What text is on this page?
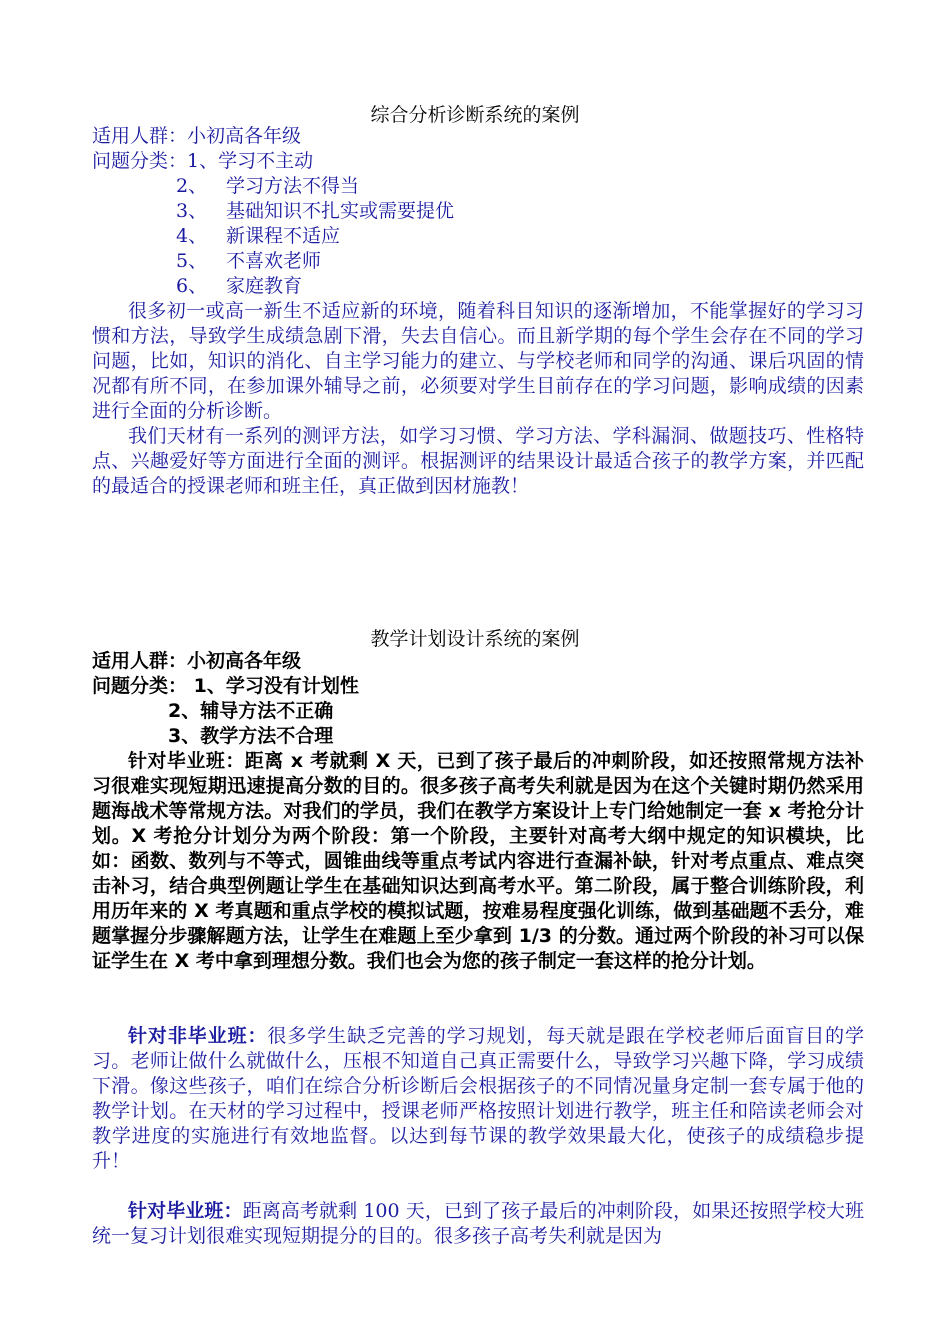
综合分析诊断系统的案例
适用人群：小初高各年级
问题分类：1、学习不主动
2、 学习方法不得当
3、 基础知识不扎实或需要提优
4、 新课程不适应
5、 不喜欢老师
6、 家庭教育

很多初一或高一新生不适应新的环境，随着科目知识的逐渐增加，不能掌握好的学习习惯和方法，导致学生成绩急剧下滑，失去自信心。而且新学期的每个学生会存在不同的学习问题，比如，知识的消化、自主学习能力的建立、与学校老师和同学的沟通、课后巩固的情况都有所不同，在参加课外辅导之前，必须要对学生目前存在的学习问题，影响成绩的因素进行全面的分析诊断。

我们天材有一系列的测评方法，如学习习惯、学习方法、学科漏洞、做题技巧、性格特点、兴趣爱好等方面进行全面的测评。根据测评的结果设计最适合孩子的教学方案，并匹配的最适合的授课老师和班主任，真正做到因材施教！

教学计划设计系统的案例
适用人群：小初高各年级
问题分类： 1、学习没有计划性
2、辅导方法不正确
3、教学方法不合理

针对毕业班：距离 x 考就剩 X 天，已到了孩子最后的冲刺阶段，如还按照常规方法补习很难实现短期迅速提高分数的目的。很多孩子高考失利就是因为在这个关键时期仍然采用题海战术等常规方法。对我们的学员，我们在教学方案设计上专门给她制定一套 x 考抢分计划。X 考抢分计划分为两个阶段：第一个阶段，主要针对高考大纲中规定的知识模块，比如：函数、数列与不等式，圆锥曲线等重点考试内容进行查漏补缺，针对考点重点、难点突击补习，结合典型例题让学生在基础知识达到高考水平。第二阶段，属于整合训练阶段，利用历年来的 X 考真题和重点学校的模拟试题，按难易程度强化训练，做到基础题不丢分，难题掌握分步骤解题方法，让学生在难题上至少拿到 1/3 的分数。通过两个阶段的补习可以保证学生在 X 考中拿到理想分数。我们也会为您的孩子制定一套这样的抢分计划。

针对非毕业班：很多学生缺乏完善的学习规划，每天就是跟在学校老师后面盲目的学习。老师让做什么就做什么，压根不知道自己真正需要什么，导致学习兴趣下降，学习成绩下滑。像这些孩子，咱们在综合分析诊断后会根据孩子的不同情况量身定制一套专属于他的教学计划。在天材的学习过程中，授课老师严格按照计划进行教学，班主任和陪读老师会对教学进度的实施进行有效地监督。以达到每节课的教学效果最大化，使孩子的成绩稳步提升！

针对毕业班：距离高考就剩 100 天，已到了孩子最后的冲刺阶段，如果还按照学校大班统一复习计划很难实现短期提分的目的。很多孩子高考失利就是因为
